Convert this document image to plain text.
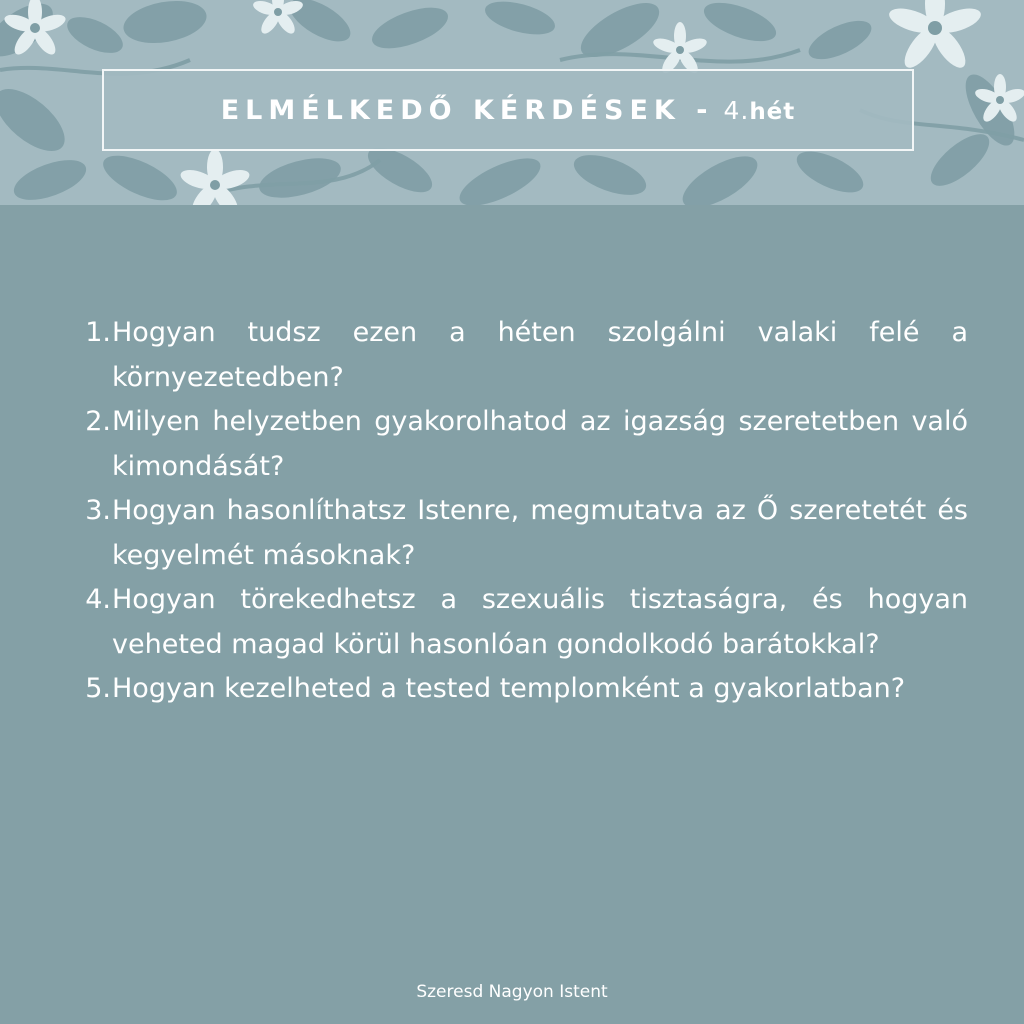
ELMÉLKEDŐ KÉRDÉSEK - 4.hét
1. Hogyan tudsz ezen a héten szolgálni valaki felé a környezetedben?
2. Milyen helyzetben gyakorolhatod az igazság szeretetben való kimondását?
3. Hogyan hasonlíthatsz Istenre, megmutatva az Ő szeretetét és kegyelmét másoknak?
4. Hogyan törekedhetsz a szexuális tisztaságra, és hogyan veheted magad körül hasonlóan gondolkodó barátokkal?
5. Hogyan kezelheted a tested templomként a gyakorlatban?
Szeresd Nagyon Istent
